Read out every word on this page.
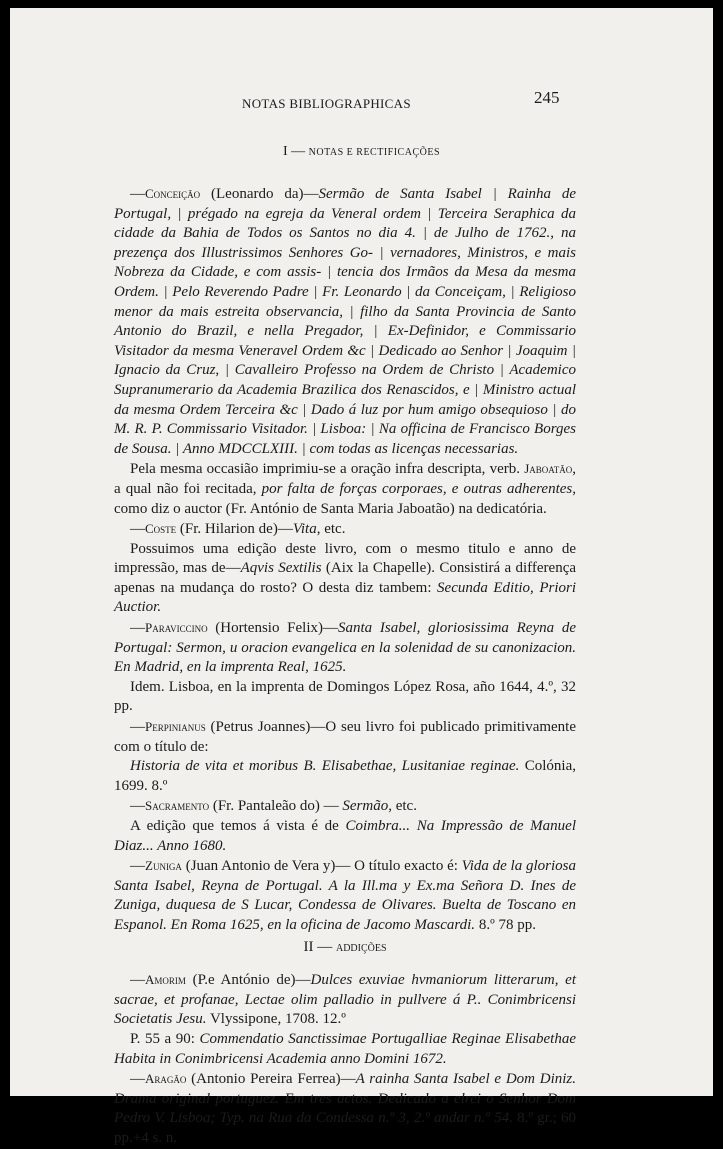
NOTAS BIBLIOGRAPHICAS	245
I — NOTAS E RECTIFICAÇÕES

—Conceição (Leonardo da)—Sermão de Santa Isabel | Rainha de Portugal, | prégado na egreja da Veneral ordem | Terceira Seraphica da cidade da Bahia de Todos os Santos no dia 4. | de Julho de 1762., na prezença dos Illustrissimos Senhores Go- | vernadores, Ministros, e mais Nobreza da Cidade, e com assis- | tencia dos Irmãos da Mesa da mesma Ordem. | Pelo Reverendo Padre | Fr. Leonardo | da Conceiçam, | Religioso menor da mais estreita observancia, | filho da Santa Provincia de Santo Antonio do Brazil, e nella Pregador, | Ex-Definidor, e Commissario Visitador da mesma Veneravel Ordem &c | Dedicado ao Senhor | Joaquim | Ignacio da Cruz, | Cavalleiro Professo na Ordem de Christo | Academico Supranumerario da Academia Brazilica dos Renascidos, e | Ministro actual da mesma Ordem Terceira &c | Dado á luz por hum amigo obsequioso | do M. R. P. Commissario Visitador. | Lisboa: | Na officina de Francisco Borges de Sousa. | Anno MDCCLXIII. | com todas as licenças necessarias.

Pela mesma occasião imprimiu-se a oração infra descripta, verb. Jaboatão, a qual não foi recitada, por falta de forças corporaes, e outras adherentes, como diz o auctor (Fr. António de Santa Maria Jaboatão) na dedicatória.

—Coste (Fr. Hilarion de)—Vita, etc.

Possuimos uma edição deste livro, com o mesmo titulo e anno de impressão, mas de—Aqvis Sextilis (Aix la Chapelle). Consistirá a differença apenas na mudança do rosto? O desta diz tambem: Secunda Editio, Priori Auctior.

—Paraviccino (Hortensio Felix)—Santa Isabel, gloriosissima Reyna de Portugal: Sermon, u oracion evangelica en la solenidad de su canonizacion. En Madrid, en la imprenta Real, 1625.

Idem. Lisboa, en la imprenta de Domingos López Rosa, año 1644, 4.º, 32 pp.

—Perpinianus (Petrus Joannes)—O seu livro foi publicado primitivamente com o título de:

Historia de vita et moribus B. Elisabethae, Lusitaniae reginae. Colónia, 1699. 8.º

—Sacramento (Fr. Pantaleão do) — Sermão, etc.

A edição que temos á vista é de Coimbra... Na Impressão de Manuel Diaz... Anno 1680.

—Zuniga (Juan Antonio de Vera y)— O título exacto é: Vida de la gloriosa Santa Isabel, Reyna de Portugal. A la Ill.ma y Ex.ma Señora D. Ines de Zuniga, duquesa de S Lucar, Condessa de Olivares. Buelta de Toscano en Espanol. En Roma 1625, en la oficina de Jacomo Mascardi. 8.º 78 pp.

II — ADDIÇÕES

—Amorim (P.e António de)—Dulces exuviae hvmaniorum litterarum, et sacrae, et profanae, Lectae olim palladio in pullvere á P.. Conimbricensi Societatis Jesu. Vlyssipone, 1708. 12.º

P. 55 a 90: Commendatio Sanctissimae Portugalliae Reginae Elisabethae Habita in Conimbricensi Academia anno Domini 1672.

—Aragão (Antonio Pereira Ferrea)—A rainha Santa Isabel e Dom Diniz. Drama original portuguez. Em tres actos. Dedicado a elrei o Senhor Dom Pedro V. Lisboa; Typ. na Rua da Condessa n.º 3, 2.º andar n.º 54. 8.º gr.; 60 pp.+4 s. n.
